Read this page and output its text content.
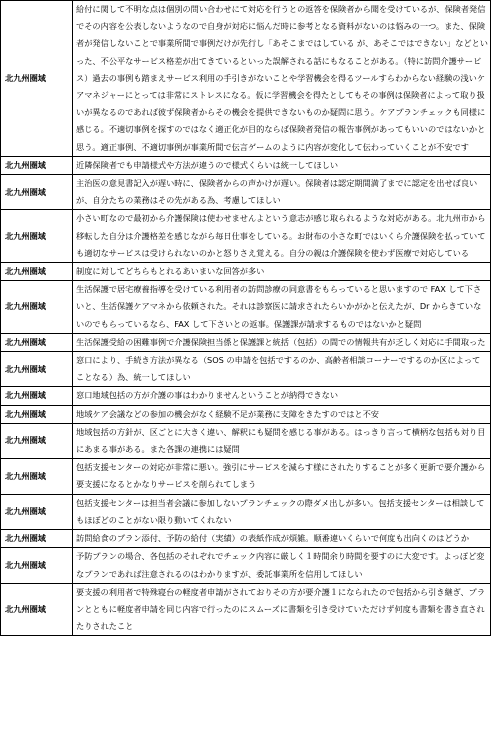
北九州圏域	給付に関して不明な点は個別の問い合わせにて対応を行うとの返答を保険者から聞を受けているが、保険者発信でその内容を公表しないようなので自身が対応に悩んだ時に参考となる資料がないのは悩みの一つ。また、保険者が発信しないことで事業所間で事例だけが先行し「あそこまではしている が、あそこではできない」などといった、不公平なサービス格差が出てきているといった誤解される話にもなることがある。（特に訪問介護サービス）過去の事例も踏まえサービス利用の手引きがないことや学習機会を得るツールすらわからない経験の浅いケアマネジャーにとっては非常にストレスになる。仮に学習機会を得たとしてもその事例は保険者によって取り扱いが異なるのであれば彼ず保険者からその機会を提供できないものか疑問に思う。ケアプランチェックも同様に感じる。不適切事例を探すのではなく適正化が目的ならば保険者発信の報告事例があってもいいのではないかと思う。適正事例、不適切事例が事業所間で伝言ゲームのように内容が変化して伝わっていくことが不安です
北九州圏域	近隣保険者でも申請様式や方法が違うので様式くらいは統一してほしい
北九州圏域	主治医の意見書記入が遅い時に、保険者からの声かけが遅い。保険者は認定期間満了までに認定を出せば良いが、自分たちの業務はその先がある為、考慮してほしい
北九州圏域	小さい町なので最初から介護保険は使わせませんよという意志が感じ取られるような対応がある。北九州市から移転した自分は介護格差を感じながら毎日仕事をしている。お財布の小さな町ではいくら介護保険を払っていても適切なサービスは受けられないのかと怒りさえ覚える。自分の親は介護保険を使わず医療で対応している
北九州圏域	制度に対してどちらもとれるあいまいな回答が多い
北九州圏域	生活保護で居宅療養指導を受けている利用者の訪問診療の同意書をもらっていると思いますので FAX して下さいと、生活保護ケアマネから依頼された。それは診察医に請求されたらいかがかと伝えたが、Dr からきていないのでもらっているなら、FAX して下さいとの返事。保護課が請求するものではないかと疑問
北九州圏域	生活保護受給の困難事例で介護保険担当係と保護課と統括（包括）の間での情報共有が乏しく対応に手間取った
北九州圏域	窓口により、手続き方法が異なる（SOS の申請を包括でするのか、高齢者相談コーナーでするのか区によってことなる）為、統一してほしい
北九州圏域	窓口地域包括の方が介護の事はわかりませんということが納得できない
北九州圏域	地域ケア会議などの参加の機会がなく経験不足が業務に支障をきたすのではと不安
北九州圏域	地域包括の方針が、区ごとに大きく違い、解釈にも疑問を感じる事がある。はっきり言って横柄な包括も対り目にあまる事がある。また各課の連携には疑問
北九州圏域	包括支援センターの対応が非常に悪い。強引にサービスを減らす様にされたりすることが多く更新で要介護から要支援になるとかなりサービスを削られてしまう
北九州圏域	包括支援センターは担当者会議に参加しないプランチェックの際ダメ出しが多い。包括支援センターは相談してもほぼどのことがない限り動いてくれない
北九州圏域	訪問給食のプラン添付、予防の給付（実績）の表紙作成が煩雑。顺番違いくらいで何度も出向くのはどうか
北九州圏域	予防プランの場合、各包括のそれぞれでチェック内容に厳しく１時間余り時間を要すのに大変です。よっぽど変なプランであれば注意されるのはわかりますが、委託事業所を信用してほしい
北九州圏域	要支援の利用者で特殊寝台の軽度者申請がされておりその方が要介護１になられたので包括から引き継ぎ、プランとともに軽度者申請を同じ内容で行ったのにスムーズに書類を引き受けていただけず何度も書類を書き直されたりされたこと
